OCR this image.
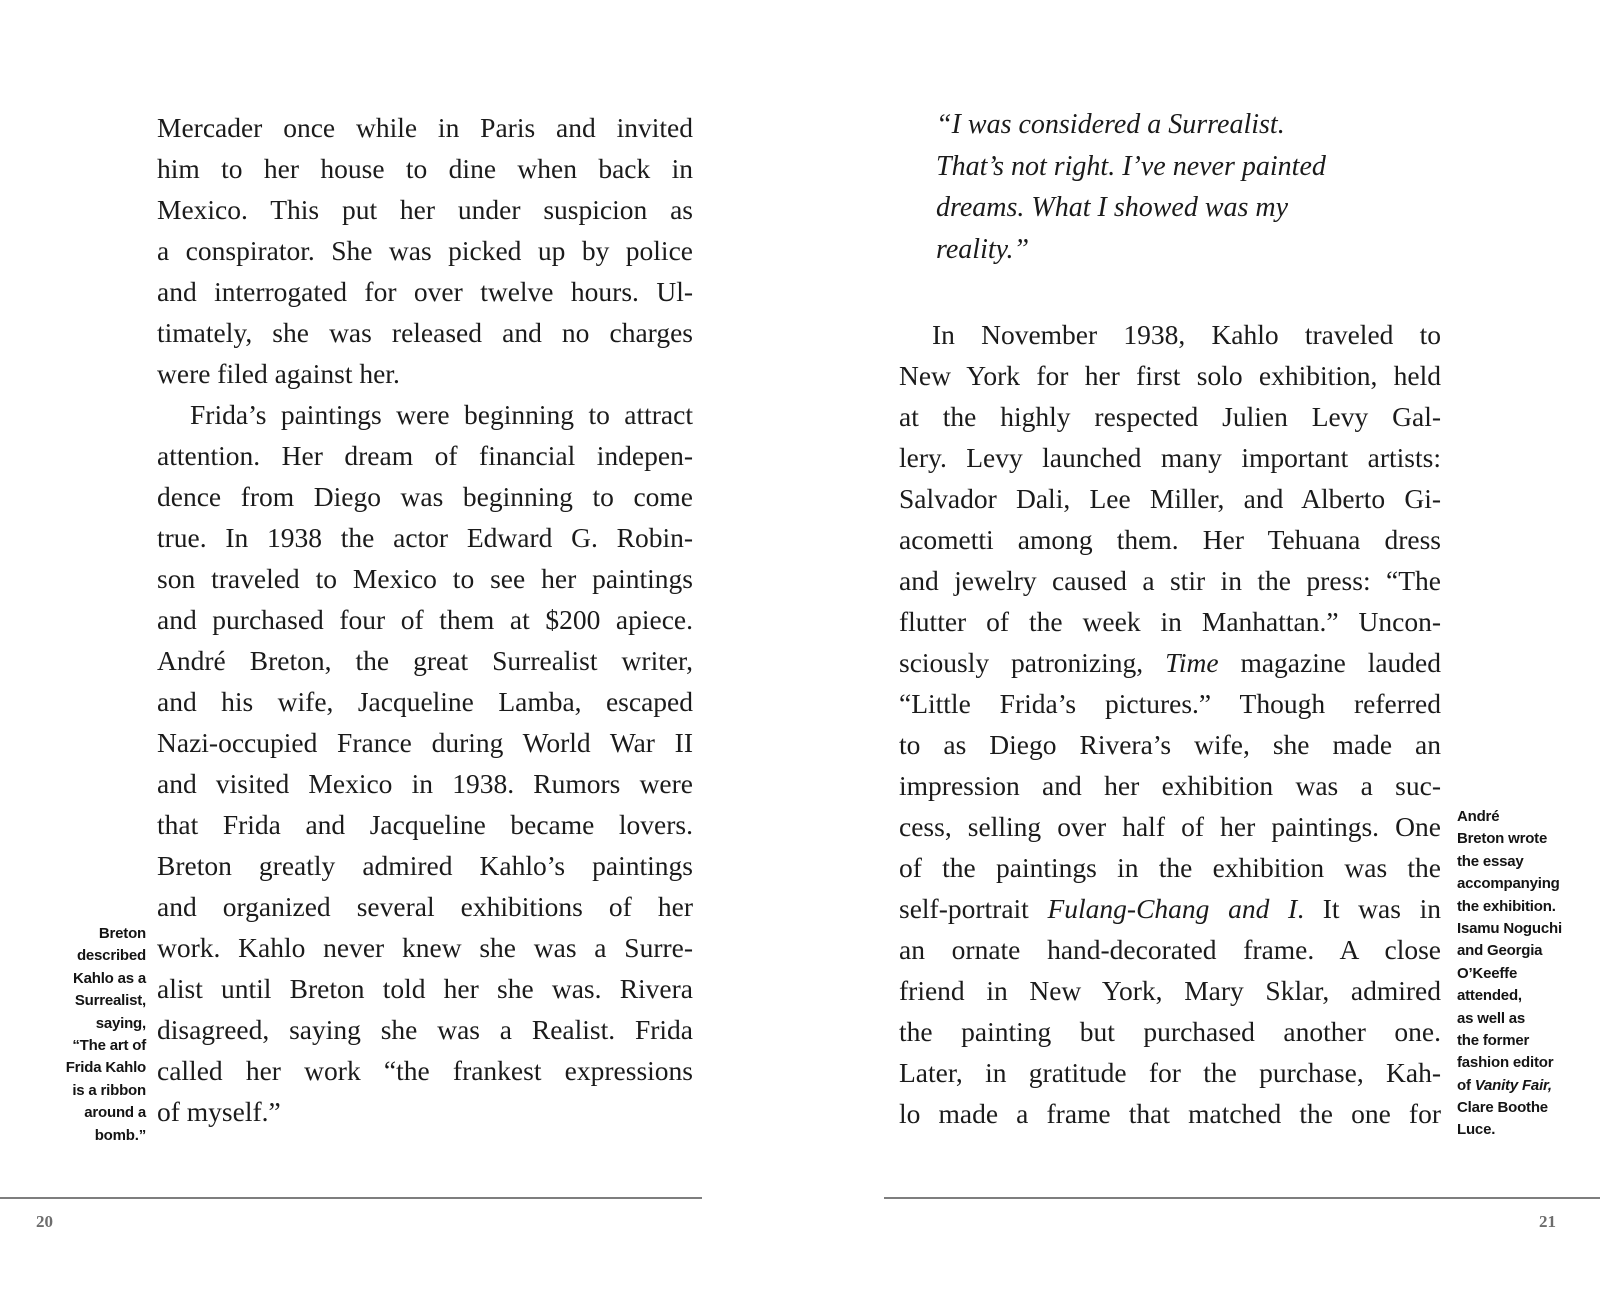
Mercader once while in Paris and invited
him to her house to dine when back in
Mexico. This put her under suspicion as
a conspirator. She was picked up by police
and interrogated for over twelve hours. Ul-
timately, she was released and no charges
were filed against her.
Frida’s paintings were beginning to attract
attention. Her dream of financial indepen-
dence from Diego was beginning to come
true. In 1938 the actor Edward G. Robin-
son traveled to Mexico to see her paintings
and purchased four of them at $200 apiece.
André Breton, the great Surrealist writer,
and his wife, Jacqueline Lamba, escaped
Nazi-occupied France during World War II
and visited Mexico in 1938. Rumors were
that Frida and Jacqueline became lovers.
Breton greatly admired Kahlo’s paintings
and organized several exhibitions of her
work. Kahlo never knew she was a Surre-
alist until Breton told her she was. Rivera
disagreed, saying she was a Realist. Frida
called her work “the frankest expressions
of myself.”
Breton
described
Kahlo as a
Surrealist,
saying,
“The art of
Frida Kahlo
is a ribbon
around a
bomb.”
20
“I was considered a Surrealist.
That’s not right. I’ve never painted
dreams. What I showed was my
reality.”
In November 1938, Kahlo traveled to
New York for her first solo exhibition, held
at the highly respected Julien Levy Gal-
lery. Levy launched many important artists:
Salvador Dali, Lee Miller, and Alberto Gi-
acometti among them. Her Tehuana dress
and jewelry caused a stir in the press: “The
flutter of the week in Manhattan.” Uncon-
sciously patronizing, Time magazine lauded
“Little Frida’s pictures.” Though referred
to as Diego Rivera’s wife, she made an
impression and her exhibition was a suc-
cess, selling over half of her paintings. One
of the paintings in the exhibition was the
self-portrait Fulang-Chang and I. It was in
an ornate hand-decorated frame. A close
friend in New York, Mary Sklar, admired
the painting but purchased another one.
Later, in gratitude for the purchase, Kah-
lo made a frame that matched the one for
André
Breton wrote
the essay
accompanying
the exhibition.
Isamu Noguchi
and Georgia
O’Keeffe
attended,
as well as
the former
fashion editor
of Vanity Fair,
Clare Boothe
Luce.
21
